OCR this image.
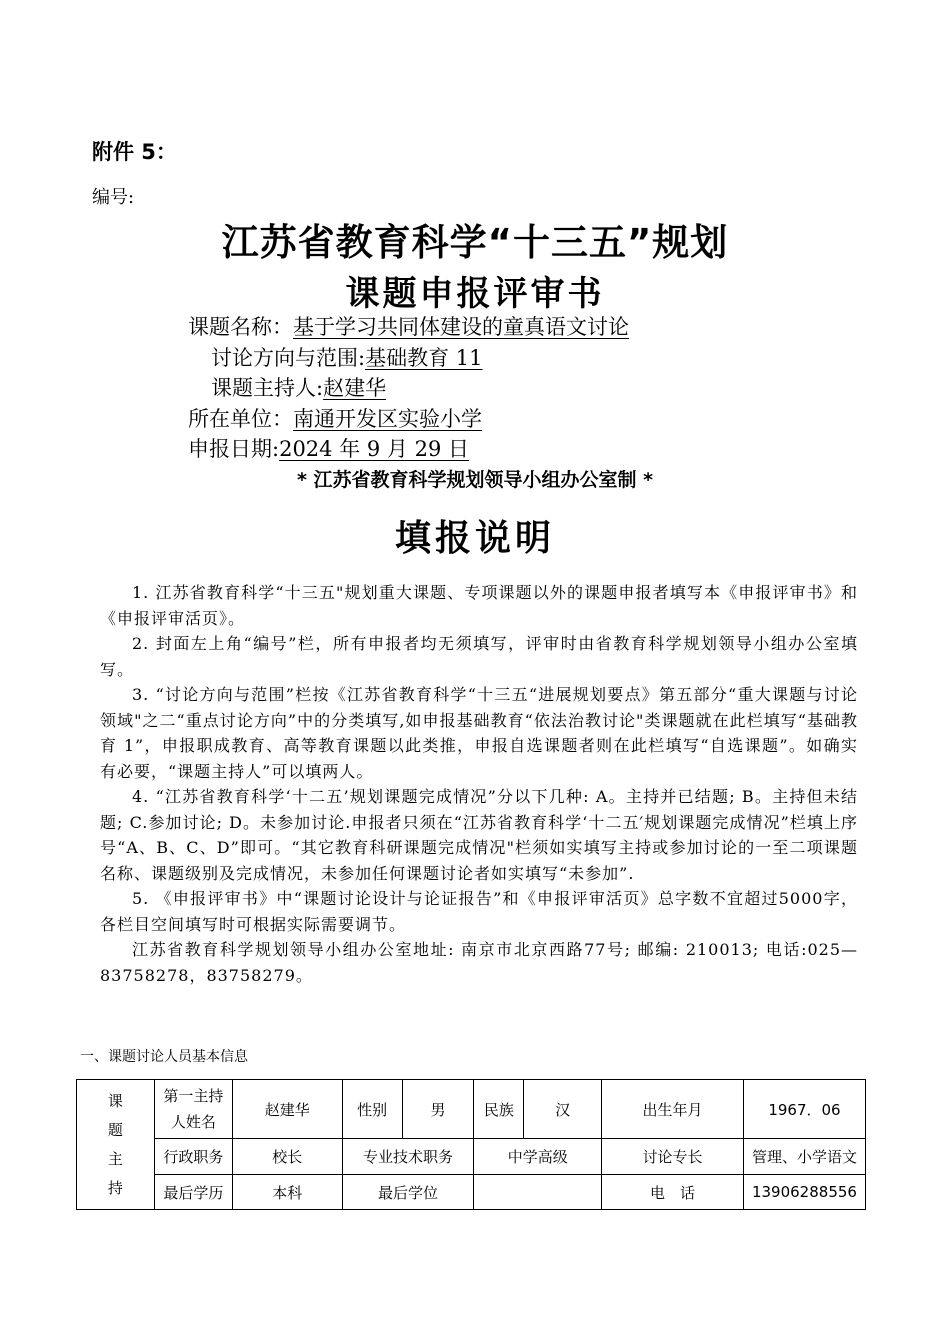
附件 5：
编号:
江苏省教育科学“十三五”规划
课题申报评审书
课题名称：基于学习共同体建设的童真语文讨论
讨论方向与范围:基础教育 11
课题主持人:赵建华
所在单位：南通开发区实验小学
申报日期:2024 年 9 月 29 日
* 江苏省教育科学规划领导小组办公室制 *
填报说明

1. 江苏省教育科学“十三五"规划重大课题、专项课题以外的课题申报者填写本《申报评审书》和《申报评审活页》。

2. 封面左上角“编号”栏，所有申报者均无须填写，评审时由省教育科学规划领导小组办公室填写。

3. “讨论方向与范围”栏按《江苏省教育科学“十三五“进展规划要点》第五部分“重大课题与讨论领域"之二“重点讨论方向”中的分类填写,如申报基础教育“依法治教讨论"类课题就在此栏填写“基础教育 1”，申报职成教育、高等教育课题以此类推，申报自选课题者则在此栏填写“自选课题”。如确实有必要，“课题主持人”可以填两人。

4. “江苏省教育科学‘十二五’规划课题完成情况”分以下几种: A。主持并已结题; B。主持但未结题; C.参加讨论; D。未参加讨论.申报者只须在“江苏省教育科学‘十二五′规划课题完成情况”栏填上序号“A、B、C、D”即可。“其它教育科研课题完成情况"栏须如实填写主持或参加讨论的一至二项课题名称、课题级别及完成情况，未参加任何课题讨论者如实填写“未参加”.

5. 《申报评审书》中“课题讨论设计与论证报告”和《申报评审活页》总字数不宜超过5000字，各栏目空间填写时可根据实际需要调节。

江苏省教育科学规划领导小组办公室地址: 南京市北京西路77号; 邮编: 210013; 电话:025—83758278，83758279。

一、课题讨论人员基本信息
课题主持	第一主持人姓名	赵建华	性别	男	民族	汉	出生年月	1967．06
	行政职务	校长	专业技术职务		中学高级		讨论专长	管理、小学语文
	最后学历	本科	最后学位				电　话	13906288556
